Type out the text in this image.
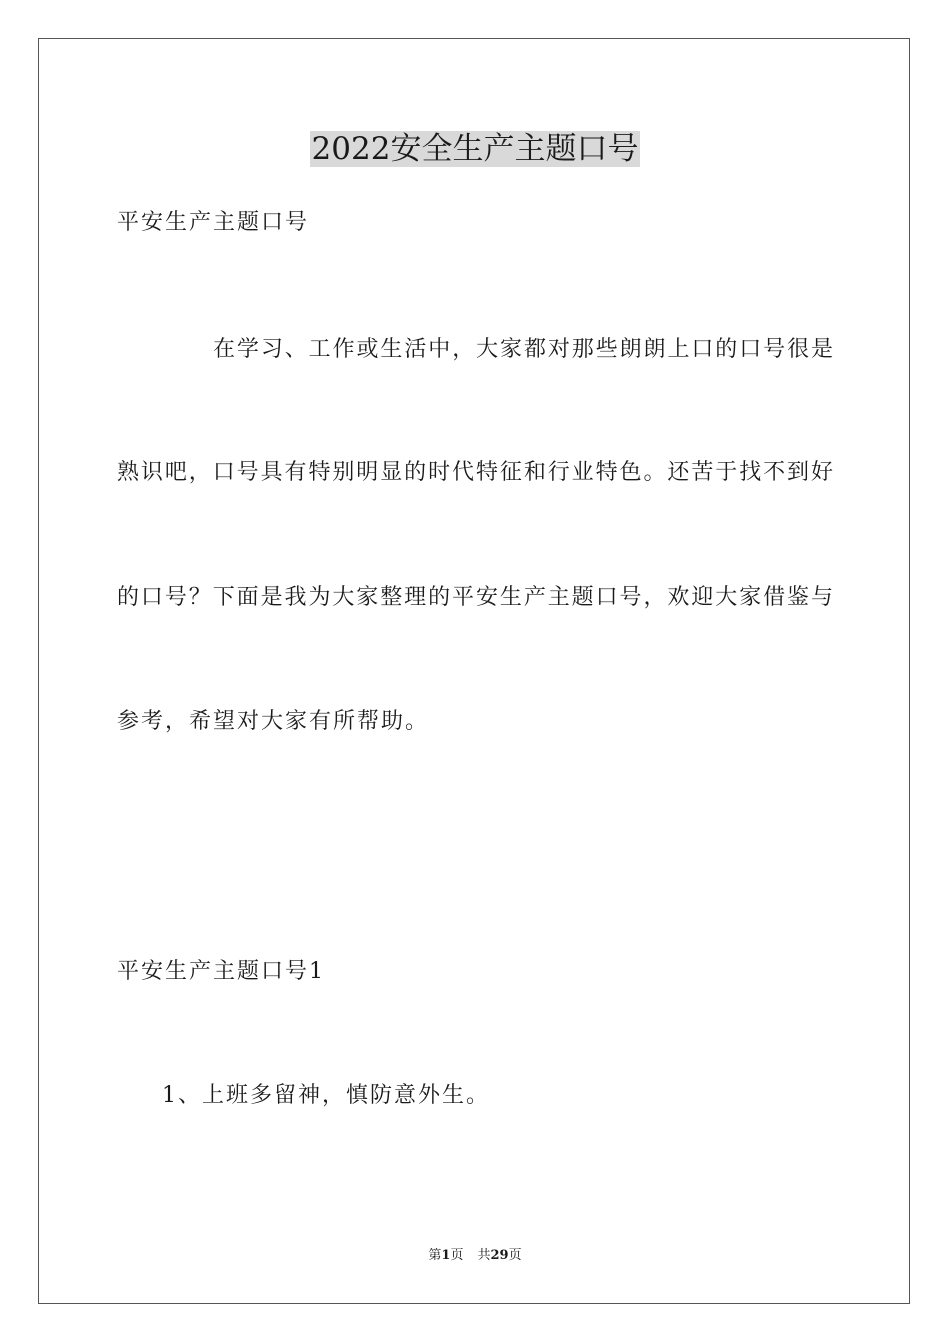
2022安全生产主题口号
平安生产主题口号
在学习、工作或生活中，大家都对那些朗朗上口的口号很是
熟识吧，口号具有特别明显的时代特征和行业特色。还苦于找不到好
的口号？下面是我为大家整理的平安生产主题口号，欢迎大家借鉴与
参考，希望对大家有所帮助。
平安生产主题口号1
1、上班多留神，慎防意外生。
第1页 共29页
